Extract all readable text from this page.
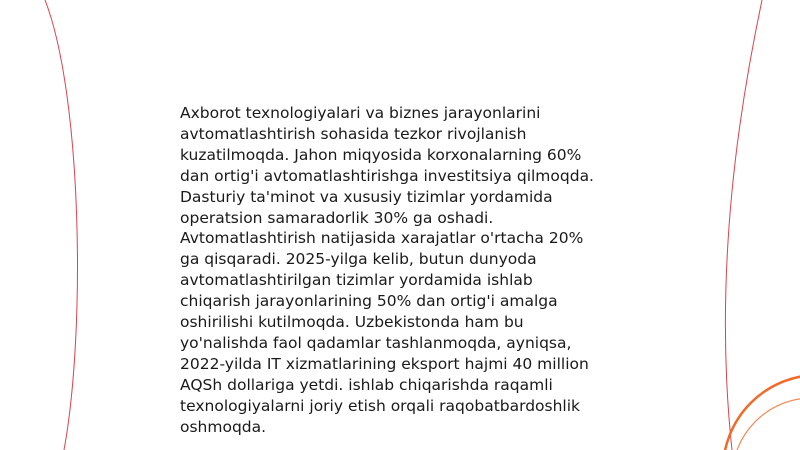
Axborot texnologiyalari va biznes jarayonlarini
avtomatlashtirish sohasida tezkor rivojlanish
kuzatilmoqda. Jahon miqyosida korxonalarning 60%
dan ortig'i avtomatlashtirishga investitsiya qilmoqda.
Dasturiy ta'minot va xususiy tizimlar yordamida
operatsion samaradorlik 30% ga oshadi.
Avtomatlashtirish natijasida xarajatlar o'rtacha 20%
ga qisqaradi. 2025-yilga kelib, butun dunyoda
avtomatlashtirilgan tizimlar yordamida ishlab
chiqarish jarayonlarining 50% dan ortig'i amalga
oshirilishi kutilmoqda. Uzbekistonda ham bu
yo'nalishda faol qadamlar tashlanmoqda, ayniqsa,
2022-yilda IT xizmatlarining eksport hajmi 40 million
AQSh dollariga yetdi. ishlab chiqarishda raqamli
texnologiyalarni joriy etish orqali raqobatbardoshlik
oshmoqda.
